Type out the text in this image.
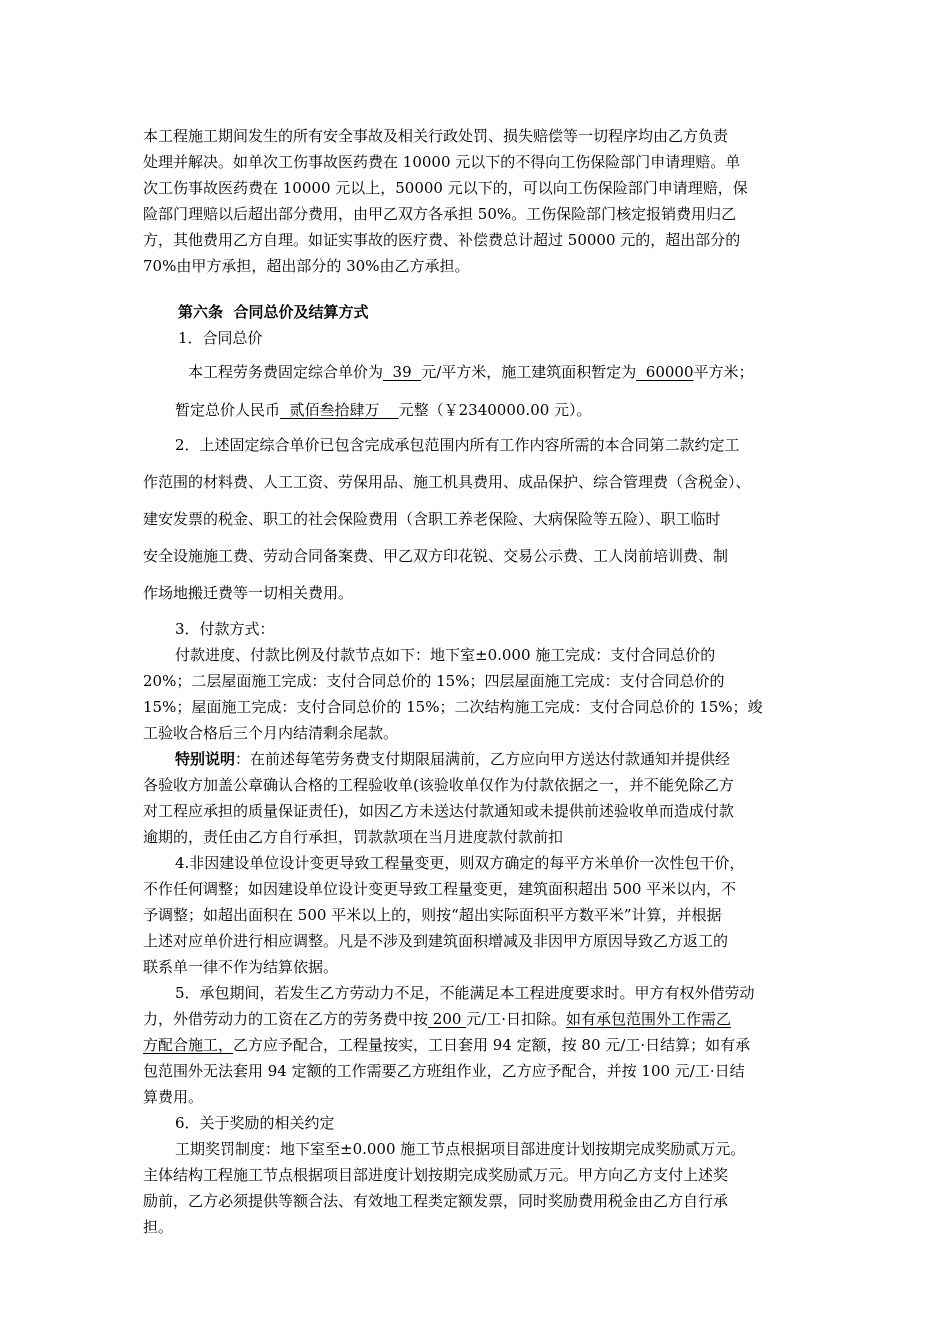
本工程施工期间发生的所有安全事故及相关行政处罚、损失赔偿等一切程序均由乙方负责
处理并解决。如单次工伤事故医药费在 10000 元以下的不得向工伤保险部门申请理赔。单
次工伤事故医药费在 10000 元以上，50000 元以下的，可以向工伤保险部门申请理赔，保
险部门理赔以后超出部分费用，由甲乙双方各承担 50%。工伤保险部门核定报销费用归乙
方，其他费用乙方自理。如证实事故的医疗费、补偿费总计超过 50000 元的，超出部分的
70%由甲方承担，超出部分的 30%由乙方承担。
第六条  合同总价及结算方式
1．合同总价
本工程劳务费固定综合单价为  39  元/平方米，施工建筑面积暂定为  60000平方米；
暂定总价人民币  贰佰叁拾肆万    元整（￥2340000.00 元）。
2．上述固定综合单价已包含完成承包范围内所有工作内容所需的本合同第二款约定工
作范围的材料费、人工工资、劳保用品、施工机具费用、成品保护、综合管理费（含税金）、
建安发票的税金、职工的社会保险费用（含职工养老保险、大病保险等五险）、职工临时
安全设施施工费、劳动合同备案费、甲乙双方印花锐、交易公示费、工人岗前培训费、制
作场地搬迁费等一切相关费用。
3．付款方式：
付款进度、付款比例及付款节点如下：地下室±0.000 施工完成：支付合同总价的
20%；二层屋面施工完成：支付合同总价的 15%；四层屋面施工完成：支付合同总价的
15%；屋面施工完成：支付合同总价的 15%；二次结构施工完成：支付合同总价的 15%；竣
工验收合格后三个月内结清剩余尾款。
特别说明：在前述每笔劳务费支付期限届满前，乙方应向甲方送达付款通知并提供经
各验收方加盖公章确认合格的工程验收单(该验收单仅作为付款依据之一，并不能免除乙方
对工程应承担的质量保证责任)，如因乙方未送达付款通知或未提供前述验收单而造成付款
逾期的，责任由乙方自行承担，罚款款项在当月进度款付款前扣
4.非因建设单位设计变更导致工程量变更，则双方确定的每平方米单价一次性包干价，
不作任何调整；如因建设单位设计变更导致工程量变更，建筑面积超出 500 平米以内，不
予调整；如超出面积在 500 平米以上的，则按“超出实际面积平方数平米”计算，并根据
上述对应单价进行相应调整。凡是不涉及到建筑面积增减及非因甲方原因导致乙方返工的
联系单一律不作为结算依据。
5．承包期间，若发生乙方劳动力不足，不能满足本工程进度要求时。甲方有权外借劳动
力，外借劳动力的工资在乙方的劳务费中按 200 元/工·日扣除。如有承包范围外工作需乙
方配合施工，乙方应予配合，工程量按实，工日套用 94 定额，按 80 元/工·日结算；如有承
包范围外无法套用 94 定额的工作需要乙方班组作业，乙方应予配合，并按 100 元/工·日结
算费用。
6．关于奖励的相关约定
工期奖罚制度：地下室至±0.000 施工节点根据项目部进度计划按期完成奖励贰万元。
主体结构工程施工节点根据项目部进度计划按期完成奖励贰万元。甲方向乙方支付上述奖
励前，乙方必须提供等额合法、有效地工程类定额发票，同时奖励费用税金由乙方自行承
担。
